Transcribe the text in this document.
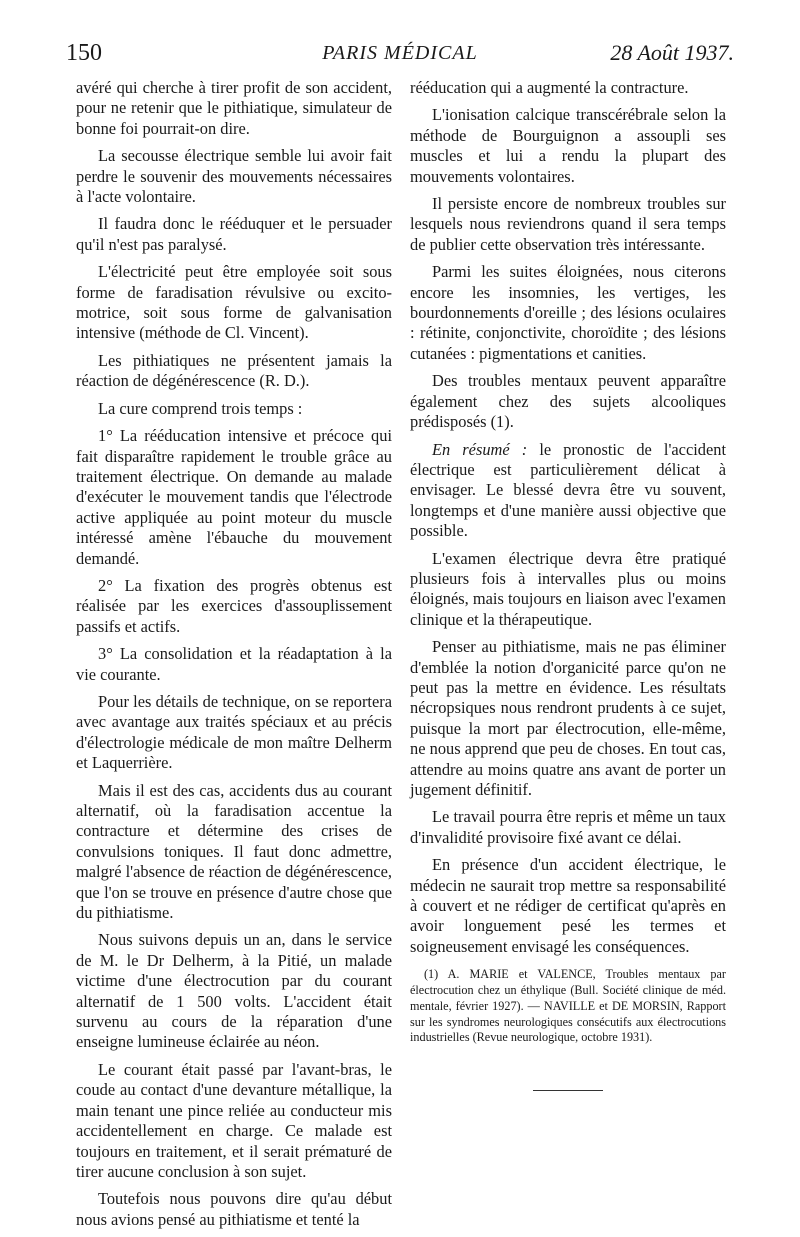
150	PARIS MÉDICAL	28 Août 1937.

avéré qui cherche à tirer profit de son accident, pour ne retenir que le pithiatique, simulateur de bonne foi pourrait-on dire.

La secousse électrique semble lui avoir fait perdre le souvenir des mouvements nécessaires à l'acte volontaire.

Il faudra donc le rééduquer et le persuader qu'il n'est pas paralysé.

L'électricité peut être employée soit sous forme de faradisation révulsive ou excito-motrice, soit sous forme de galvanisation intensive (méthode de Cl. Vincent).

Les pithiatiques ne présentent jamais la réaction de dégénérescence (R. D.).

La cure comprend trois temps :

1° La rééducation intensive et précoce qui fait disparaître rapidement le trouble grâce au traitement électrique. On demande au malade d'exécuter le mouvement tandis que l'électrode active appliquée au point moteur du muscle intéressé amène l'ébauche du mouvement demandé.

2° La fixation des progrès obtenus est réalisée par les exercices d'assouplissement passifs et actifs.

3° La consolidation et la réadaptation à la vie courante.

Pour les détails de technique, on se reportera avec avantage aux traités spéciaux et au précis d'électrologie médicale de mon maître Delherm et Laquerrière.

Mais il est des cas, accidents dus au courant alternatif, où la faradisation accentue la contracture et détermine des crises de convulsions toniques. Il faut donc admettre, malgré l'absence de réaction de dégénérescence, que l'on se trouve en présence d'autre chose que du pithiatisme.

Nous suivons depuis un an, dans le service de M. le Dr Delherm, à la Pitié, un malade victime d'une électrocution par du courant alternatif de 1 500 volts. L'accident était survenu au cours de la réparation d'une enseigne lumineuse éclairée au néon.

Le courant était passé par l'avant-bras, le coude au contact d'une devanture métallique, la main tenant une pince reliée au conducteur mis accidentellement en charge. Ce malade est toujours en traitement, et il serait prématuré de tirer aucune conclusion à son sujet.

Toutefois nous pouvons dire qu'au début nous avions pensé au pithiatisme et tenté la

rééducation qui a augmenté la contracture.

L'ionisation calcique transcérébrale selon la méthode de Bourguignon a assoupli ses muscles et lui a rendu la plupart des mouvements volontaires.

Il persiste encore de nombreux troubles sur lesquels nous reviendrons quand il sera temps de publier cette observation très intéressante.

Parmi les suites éloignées, nous citerons encore les insomnies, les vertiges, les bourdonnements d'oreille ; des lésions oculaires : rétinite, conjonctivite, choroïdite ; des lésions cutanées : pigmentations et canities.

Des troubles mentaux peuvent apparaître également chez des sujets alcooliques prédisposés (1).

En résumé : le pronostic de l'accident électrique est particulièrement délicat à envisager. Le blessé devra être vu souvent, longtemps et d'une manière aussi objective que possible.

L'examen électrique devra être pratiqué plusieurs fois à intervalles plus ou moins éloignés, mais toujours en liaison avec l'examen clinique et la thérapeutique.

Penser au pithiatisme, mais ne pas éliminer d'emblée la notion d'organicité parce qu'on ne peut pas la mettre en évidence. Les résultats nécropsiques nous rendront prudents à ce sujet, puisque la mort par électrocution, elle-même, ne nous apprend que peu de choses. En tout cas, attendre au moins quatre ans avant de porter un jugement définitif.

Le travail pourra être repris et même un taux d'invalidité provisoire fixé avant ce délai.

En présence d'un accident électrique, le médecin ne saurait trop mettre sa responsabilité à couvert et ne rédiger de certificat qu'après en avoir longuement pesé les termes et soigneusement envisagé les conséquences.

(1) A. MARIE et VALENCE, Troubles mentaux par électrocution chez un éthylique (Bull. Société clinique de méd. mentale, février 1927). — NAVILLE et DE MORSIN, Rapport sur les syndromes neurologiques consécutifs aux électrocutions industrielles (Revue neurologique, octobre 1931).
